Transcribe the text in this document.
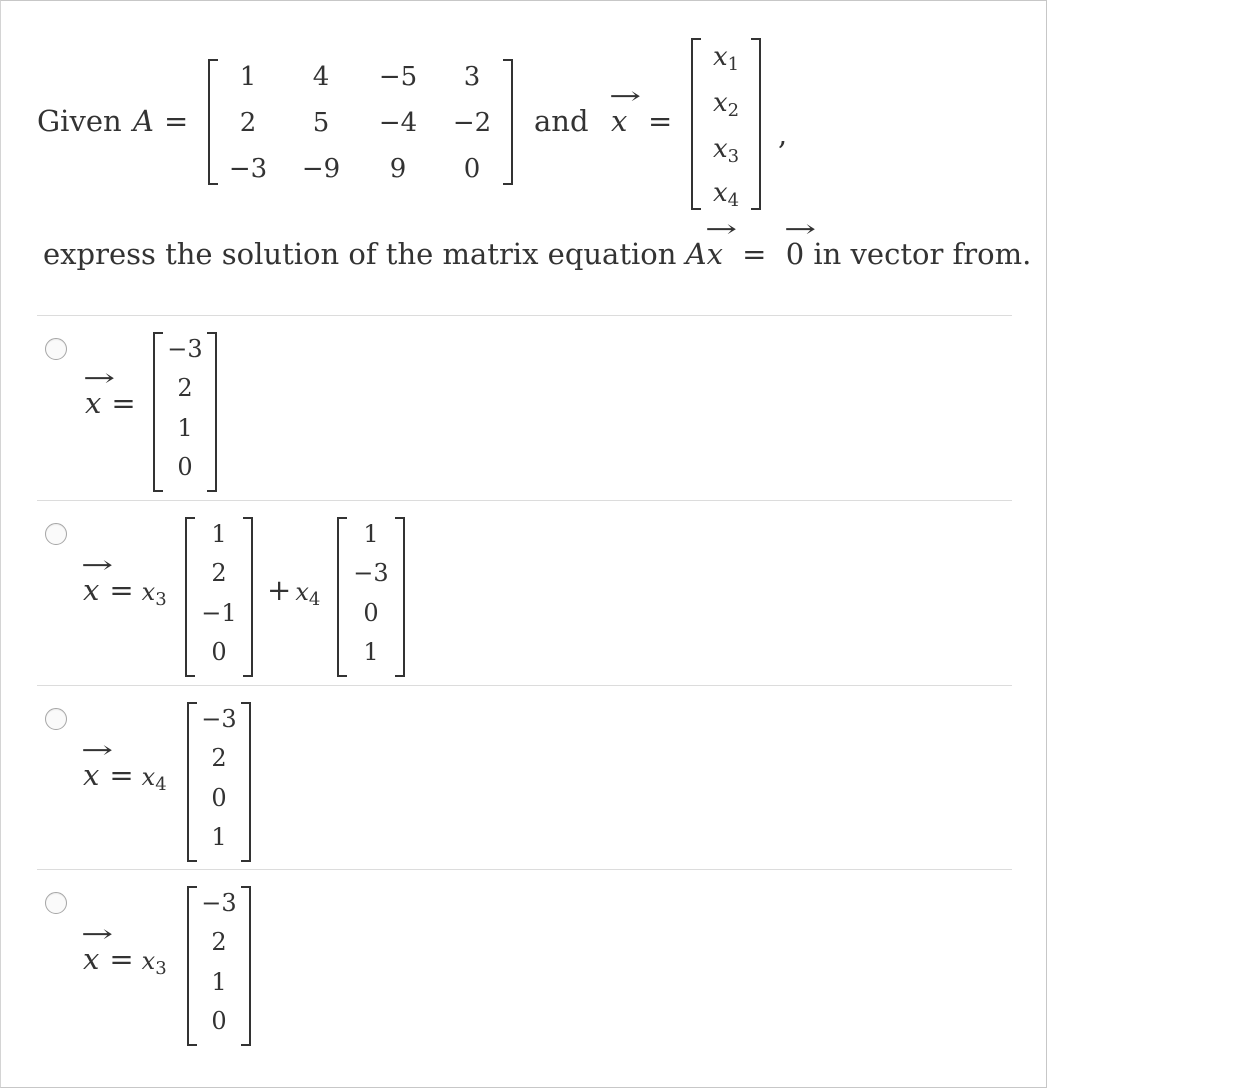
Given A =
1	4	−5	3
2	5	−4	−2
−3	−9	9	0
and
→
x =
$x_1$
$x_2$
$x_3$
$x_4$
,
express the solution of the matrix equation A
→
x =
→
0 in vector from.
→
x =
−3
2
1
0
→
$x = x_3$
1
2
−1
0
+ $x_4$
1
−3
0
1
→
$x = x_4$
−3
2
0
1
→
$x = x_3$
−3
2
1
0
